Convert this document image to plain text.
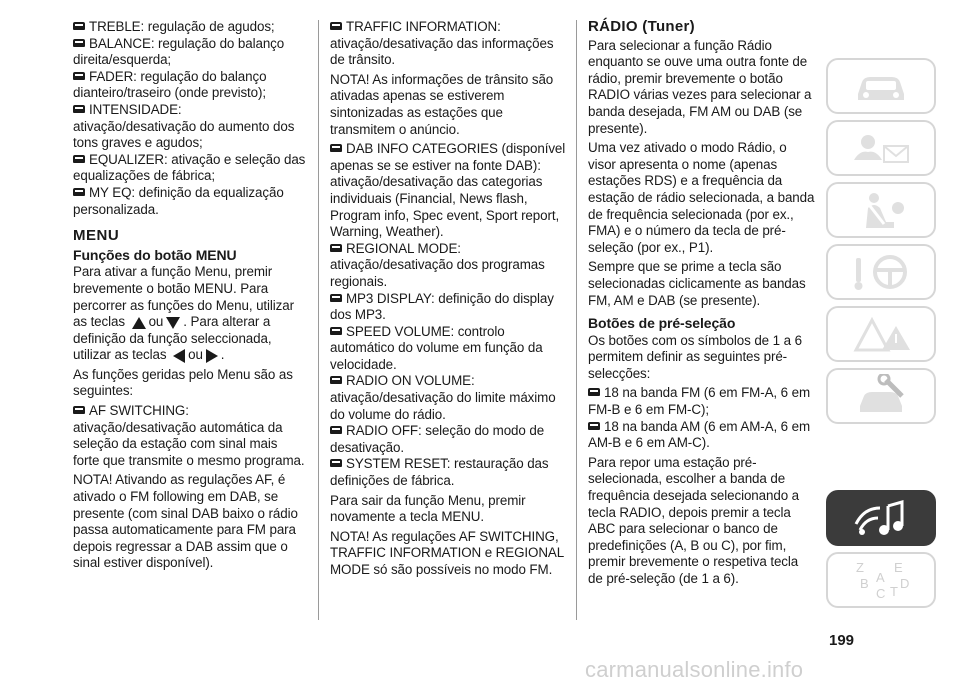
TREBLE: regulação de agudos;
BALANCE: regulação do balanço direita/esquerda;
FADER: regulação do balanço dianteiro/traseiro (onde previsto);
INTENSIDADE: ativação/desativação do aumento dos tons graves e agudos;
EQUALIZER: ativação e seleção das equalizações de fábrica;
MY EQ: definição da equalização personalizada.
MENU
Funções do botão MENU

Para ativar a função Menu, premir brevemente o botão MENU. Para percorrer as funções do Menu, utilizar as teclas ou . Para alterar a definição da função seleccionada, utilizar as teclas ou .

As funções geridas pelo Menu são as seguintes:

AF SWITCHING: ativação/desativação automática da seleção da estação com sinal mais forte que transmite o mesmo programa.

NOTA! Ativando as regulações AF, é ativado o FM following em DAB, se presente (com sinal DAB baixo o rádio passa automaticamente para FM para depois regressar a DAB assim que o sinal estiver disponível).

TRAFFIC INFORMATION: ativação/desativação das informações de trânsito.

NOTA! As informações de trânsito são ativadas apenas se estiverem sintonizadas as estações que transmitem o anúncio.

DAB INFO CATEGORIES (disponível apenas se se estiver na fonte DAB): ativação/desativação das categorias individuais (Financial, News flash, Program info, Spec event, Sport report, Warning, Weather).
REGIONAL MODE: ativação/desativação dos programas regionais.
MP3 DISPLAY: definição do display dos MP3.
SPEED VOLUME: controlo automático do volume em função da velocidade.
RADIO ON VOLUME: ativação/desativação do limite máximo do volume do rádio.
RADIO OFF: seleção do modo de desativação.
SYSTEM RESET: restauração das definições de fábrica.

Para sair da função Menu, premir novamente a tecla MENU.

NOTA! As regulações AF SWITCHING, TRAFFIC INFORMATION e REGIONAL MODE só são possíveis no modo FM.

RÁDIO (Tuner)

Para selecionar a função Rádio enquanto se ouve uma outra fonte de rádio, premir brevemente o botão RADIO várias vezes para selecionar a banda desejada, FM AM ou DAB (se presente).

Uma vez ativado o modo Rádio, o visor apresenta o nome (apenas estações RDS) e a frequência da estação de rádio selecionada, a banda de frequência selecionada (por ex., FMA) e o número da tecla de pré-seleção (por ex., P1).

Sempre que se prime a tecla são selecionadas ciclicamente as bandas FM, AM e DAB (se presente).

Botões de pré-seleção

Os botões com os símbolos de 1 a 6 permitem definir as seguintes pré-selecções:

18 na banda FM (6 em FM-A, 6 em FM-B e 6 em FM-C);
18 na banda AM (6 em AM-A, 6 em AM-B e 6 em AM-C).

Para repor uma estação pré-selecionada, escolher a banda de frequência desejada selecionando a tecla RADIO, depois premir a tecla ABC para selecionar o banco de predefinições (A, B ou C), por fim, premir brevemente o respetiva tecla de pré-seleção (de 1 a 6).

Z E
A
B
C T
D
199
carmanualsonline.info
